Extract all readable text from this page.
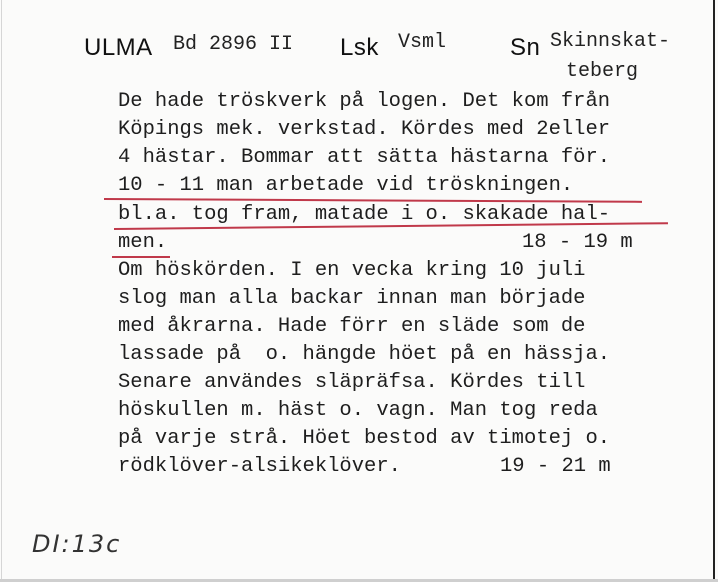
ULMA Bd 2896 II Lsk Vsml	Sn Skinnskat-
teberg
De hade tröskverk på logen. Det kom från
Köpings mek. verkstad. Kördes med 2eller
4 hästar. Bommar att sätta hästarna för.
10 - 11 man arbetade vid tröskningen.
bl.a. tog fram, matade i o. skakade hal-
men.	18 - 19 m
Om höskörden. I en vecka kring 10 juli
slog man alla backar innan man började
med åkrarna. Hade förr en släde som de
lassade på  o. hängde höet på en hässja.
Senare användes släpräfsa. Kördes till
höskullen m. häst o. vagn. Man tog reda
på varje strå. Höet bestod av timotej o.
rödklöver-alsikeklöver.	19 - 21 m
DI:13c
